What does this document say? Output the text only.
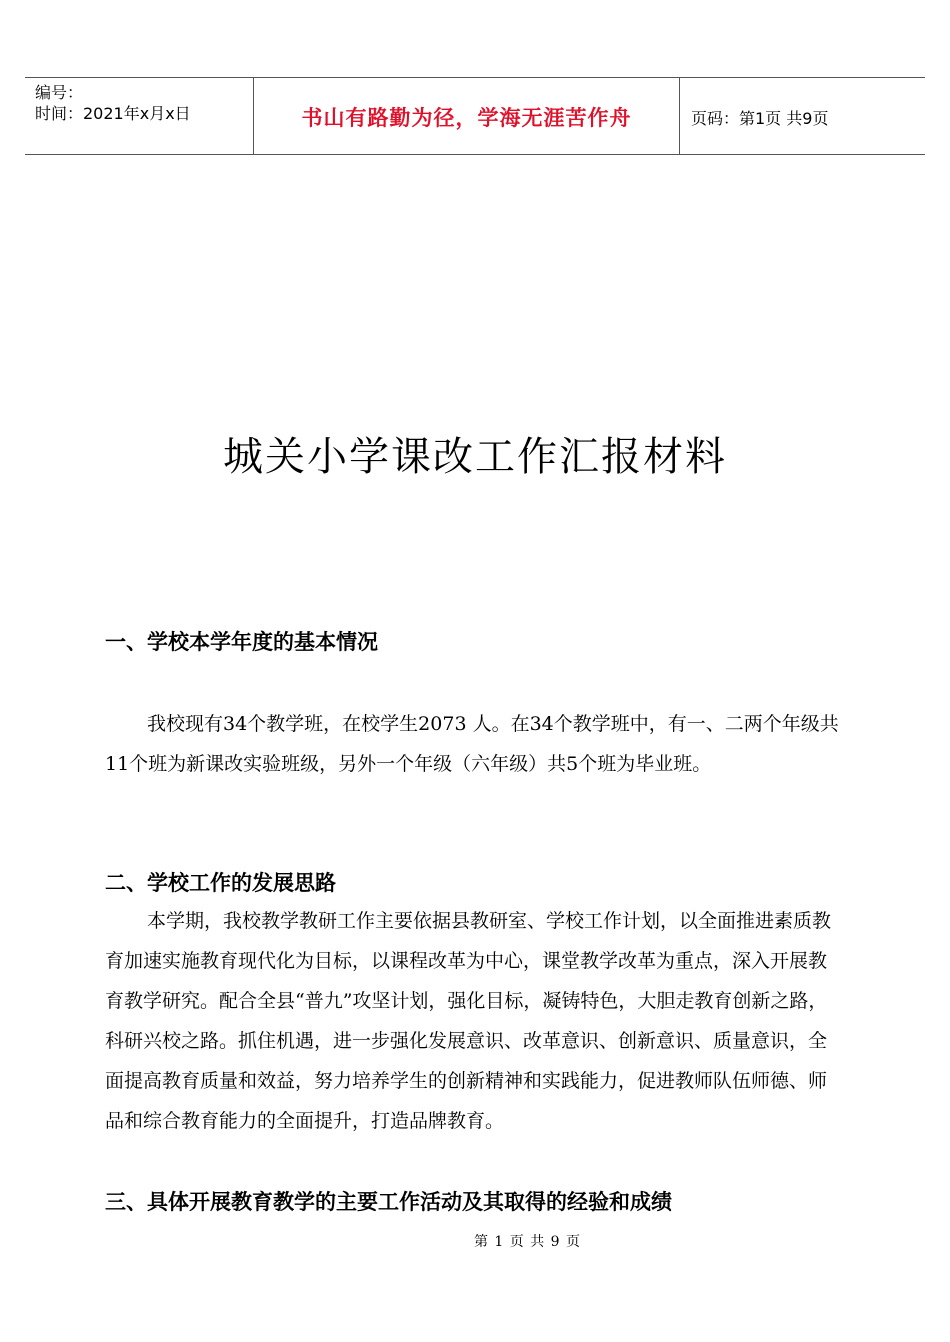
编号：
时间：2021年x月x日	书山有路勤为径，学海无涯苦作舟	页码：第1页 共9页
城关小学课改工作汇报材料
一、学校本学年度的基本情况
我校现有34个教学班，在校学生2073 人。在34个教学班中，有一、二两个年级共11个班为新课改实验班级，另外一个年级（六年级）共5个班为毕业班。
二、学校工作的发展思路
本学期，我校教学教研工作主要依据县教研室、学校工作计划，以全面推进素质教育加速实施教育现代化为目标，以课程改革为中心，课堂教学改革为重点，深入开展教育教学研究。配合全县“普九”攻坚计划，强化目标，凝铸特色，大胆走教育创新之路，科研兴校之路。抓住机遇，进一步强化发展意识、改革意识、创新意识、质量意识，全面提高教育质量和效益，努力培养学生的创新精神和实践能力，促进教师队伍师德、师品和综合教育能力的全面提升，打造品牌教育。
三、具体开展教育教学的主要工作活动及其取得的经验和成绩
第 1 页 共 9 页
